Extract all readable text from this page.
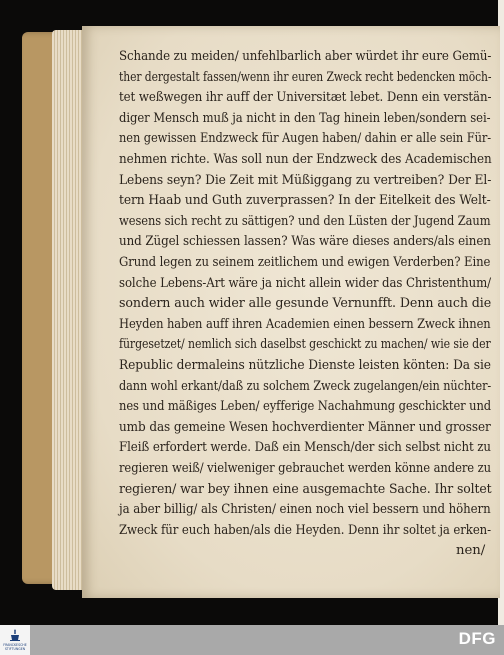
Schande zu meiden/ unfehlbarlich aber würdet ihr eure Gemü-
ther dergestalt fassen/wenn ihr euren Zweck recht bedencken möch-
tet weßwegen ihr auff der Universitæt lebet. Denn ein verstän-
diger Mensch muß ja nicht in den Tag hinein leben/sondern sei-
nen gewissen Endzweck für Augen haben/ dahin er alle sein Für-
nehmen richte. Was soll nun der Endzweck des Academischen
Lebens seyn? Die Zeit mit Müßiggang zu vertreiben? Der El-
tern Haab und Guth zuverprassen? In der Eitelkeit des Welt-
wesens sich recht zu sättigen? und den Lüsten der Jugend Zaum
und Zügel schiessen lassen? Was wäre dieses anders/als einen
Grund legen zu seinem zeitlichem und ewigen Verderben? Eine
solche Lebens-Art wäre ja nicht allein wider das Christenthum/
sondern auch wider alle gesunde Vernunfft. Denn auch die
Heyden haben auff ihren Academien einen bessern Zweck ihnen
fürgesetzet/ nemlich sich daselbst geschickt zu machen/ wie sie der
Republic dermaleins nützliche Dienste leisten könten: Da sie
dann wohl erkant/daß zu solchem Zweck zugelangen/ein nüchter-
nes und mäßiges Leben/ eyfferige Nachahmung geschickter und
umb das gemeine Wesen hochverdienter Männer und grosser
Fleiß erfordert werde. Daß ein Mensch/der sich selbst nicht zu
regieren weiß/ vielweniger gebrauchet werden könne andere zu
regieren/ war bey ihnen eine ausgemachte Sache. Ihr soltet
ja aber billig/ als Christen/ einen noch viel bessern und höhern
Zweck für euch haben/als die Heyden. Denn ihr soltet ja erken-
nen/
FRANCKESCHE
STIFTUNGEN
DFG
